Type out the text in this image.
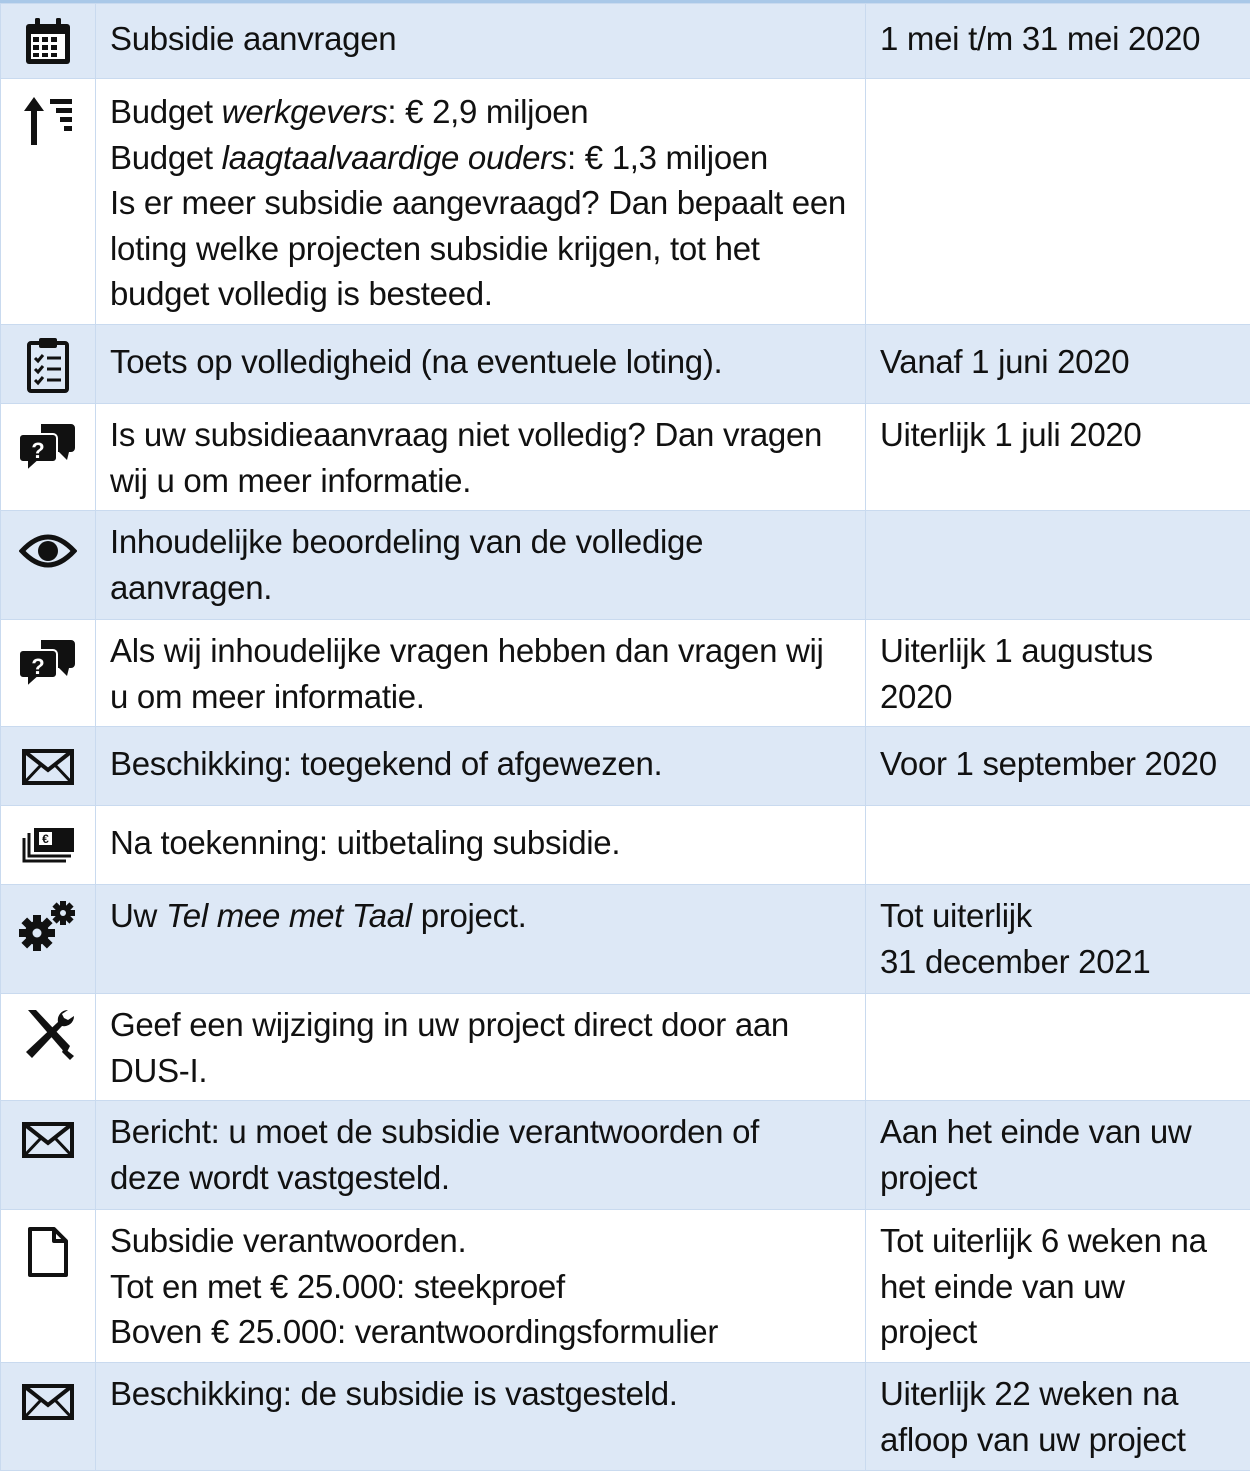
Subsidie aanvragen	1 mei t/m 31 mei 2020

Budget werkgevers: € 2,9 miljoen
Budget laagtaalvaardige ouders: € 1,3 miljoen
Is er meer subsidie aangevraagd? Dan bepaalt een
loting welke projecten subsidie krijgen, tot het
budget volledig is besteed.	

Toets op volledigheid (na eventuele loting).	Vanaf 1 juni 2020

?	Is uw subsidieaanvraag niet volledig? Dan vragen
wij u om meer informatie.	Uiterlijk 1 juli 2020

Inhoudelijke beoordeling van de volledige
aanvragen.	

?	Als wij inhoudelijke vragen hebben dan vragen wij
u om meer informatie.	Uiterlijk 1 augustus
2020

Beschikking: toegekend of afgewezen.	Voor 1 september 2020

€	Na toekenning: uitbetaling subsidie.	

Uw Tel mee met Taal project.	Tot uiterlijk
31 december 2021

Geef een wijziging in uw project direct door aan
DUS-I.	

Bericht: u moet de subsidie verantwoorden of
deze wordt vastgesteld.	Aan het einde van uw
project

Subsidie verantwoorden.
Tot en met € 25.000: steekproef
Boven € 25.000: verantwoordingsformulier	Tot uiterlijk 6 weken na
het einde van uw
project

Beschikking: de subsidie is vastgesteld.	Uiterlijk 22 weken na
afloop van uw project
